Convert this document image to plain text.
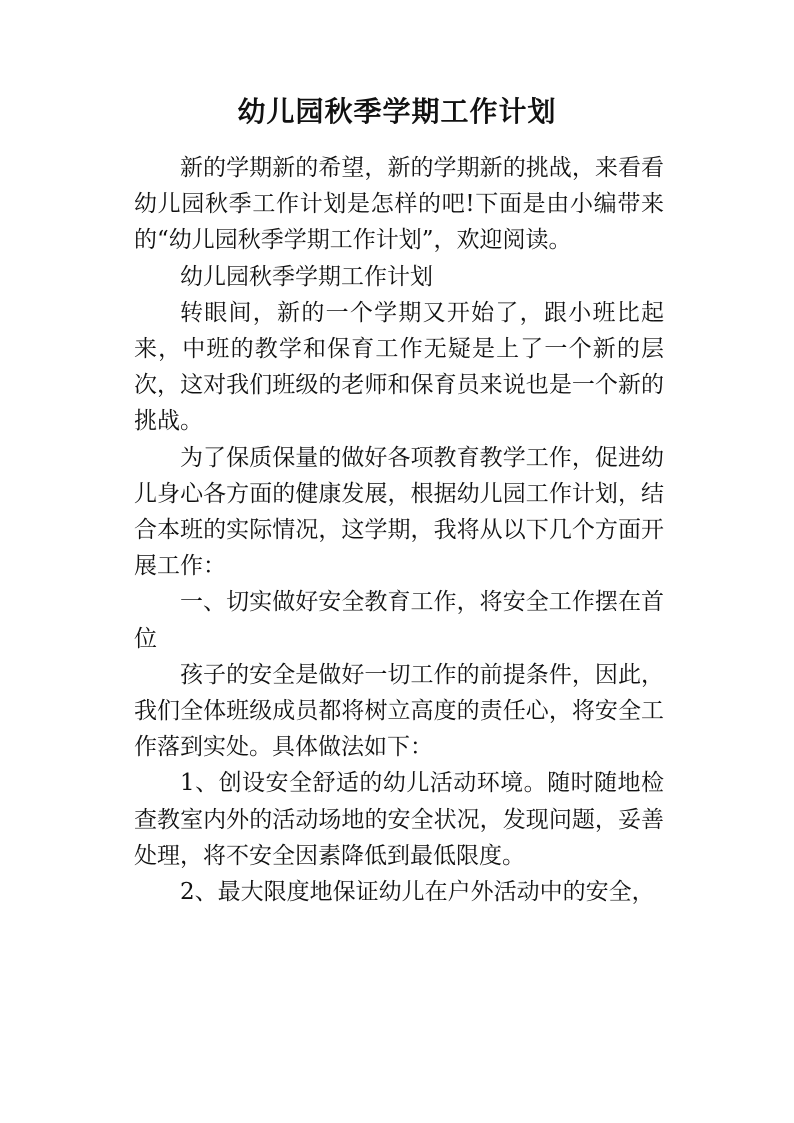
幼儿园秋季学期工作计划

新的学期新的希望，新的学期新的挑战，来看看幼儿园秋季工作计划是怎样的吧!下面是由小编带来的“幼儿园秋季学期工作计划”，欢迎阅读。

幼儿园秋季学期工作计划

转眼间，新的一个学期又开始了，跟小班比起来，中班的教学和保育工作无疑是上了一个新的层次，这对我们班级的老师和保育员来说也是一个新的挑战。

为了保质保量的做好各项教育教学工作，促进幼儿身心各方面的健康发展，根据幼儿园工作计划，结合本班的实际情况，这学期，我将从以下几个方面开展工作：

一、切实做好安全教育工作，将安全工作摆在首位

孩子的安全是做好一切工作的前提条件，因此，我们全体班级成员都将树立高度的责任心，将安全工作落到实处。具体做法如下：

1、创设安全舒适的幼儿活动环境。随时随地检查教室内外的活动场地的安全状况，发现问题，妥善处理，将不安全因素降低到最低限度。

2、最大限度地保证幼儿在户外活动中的安全，
